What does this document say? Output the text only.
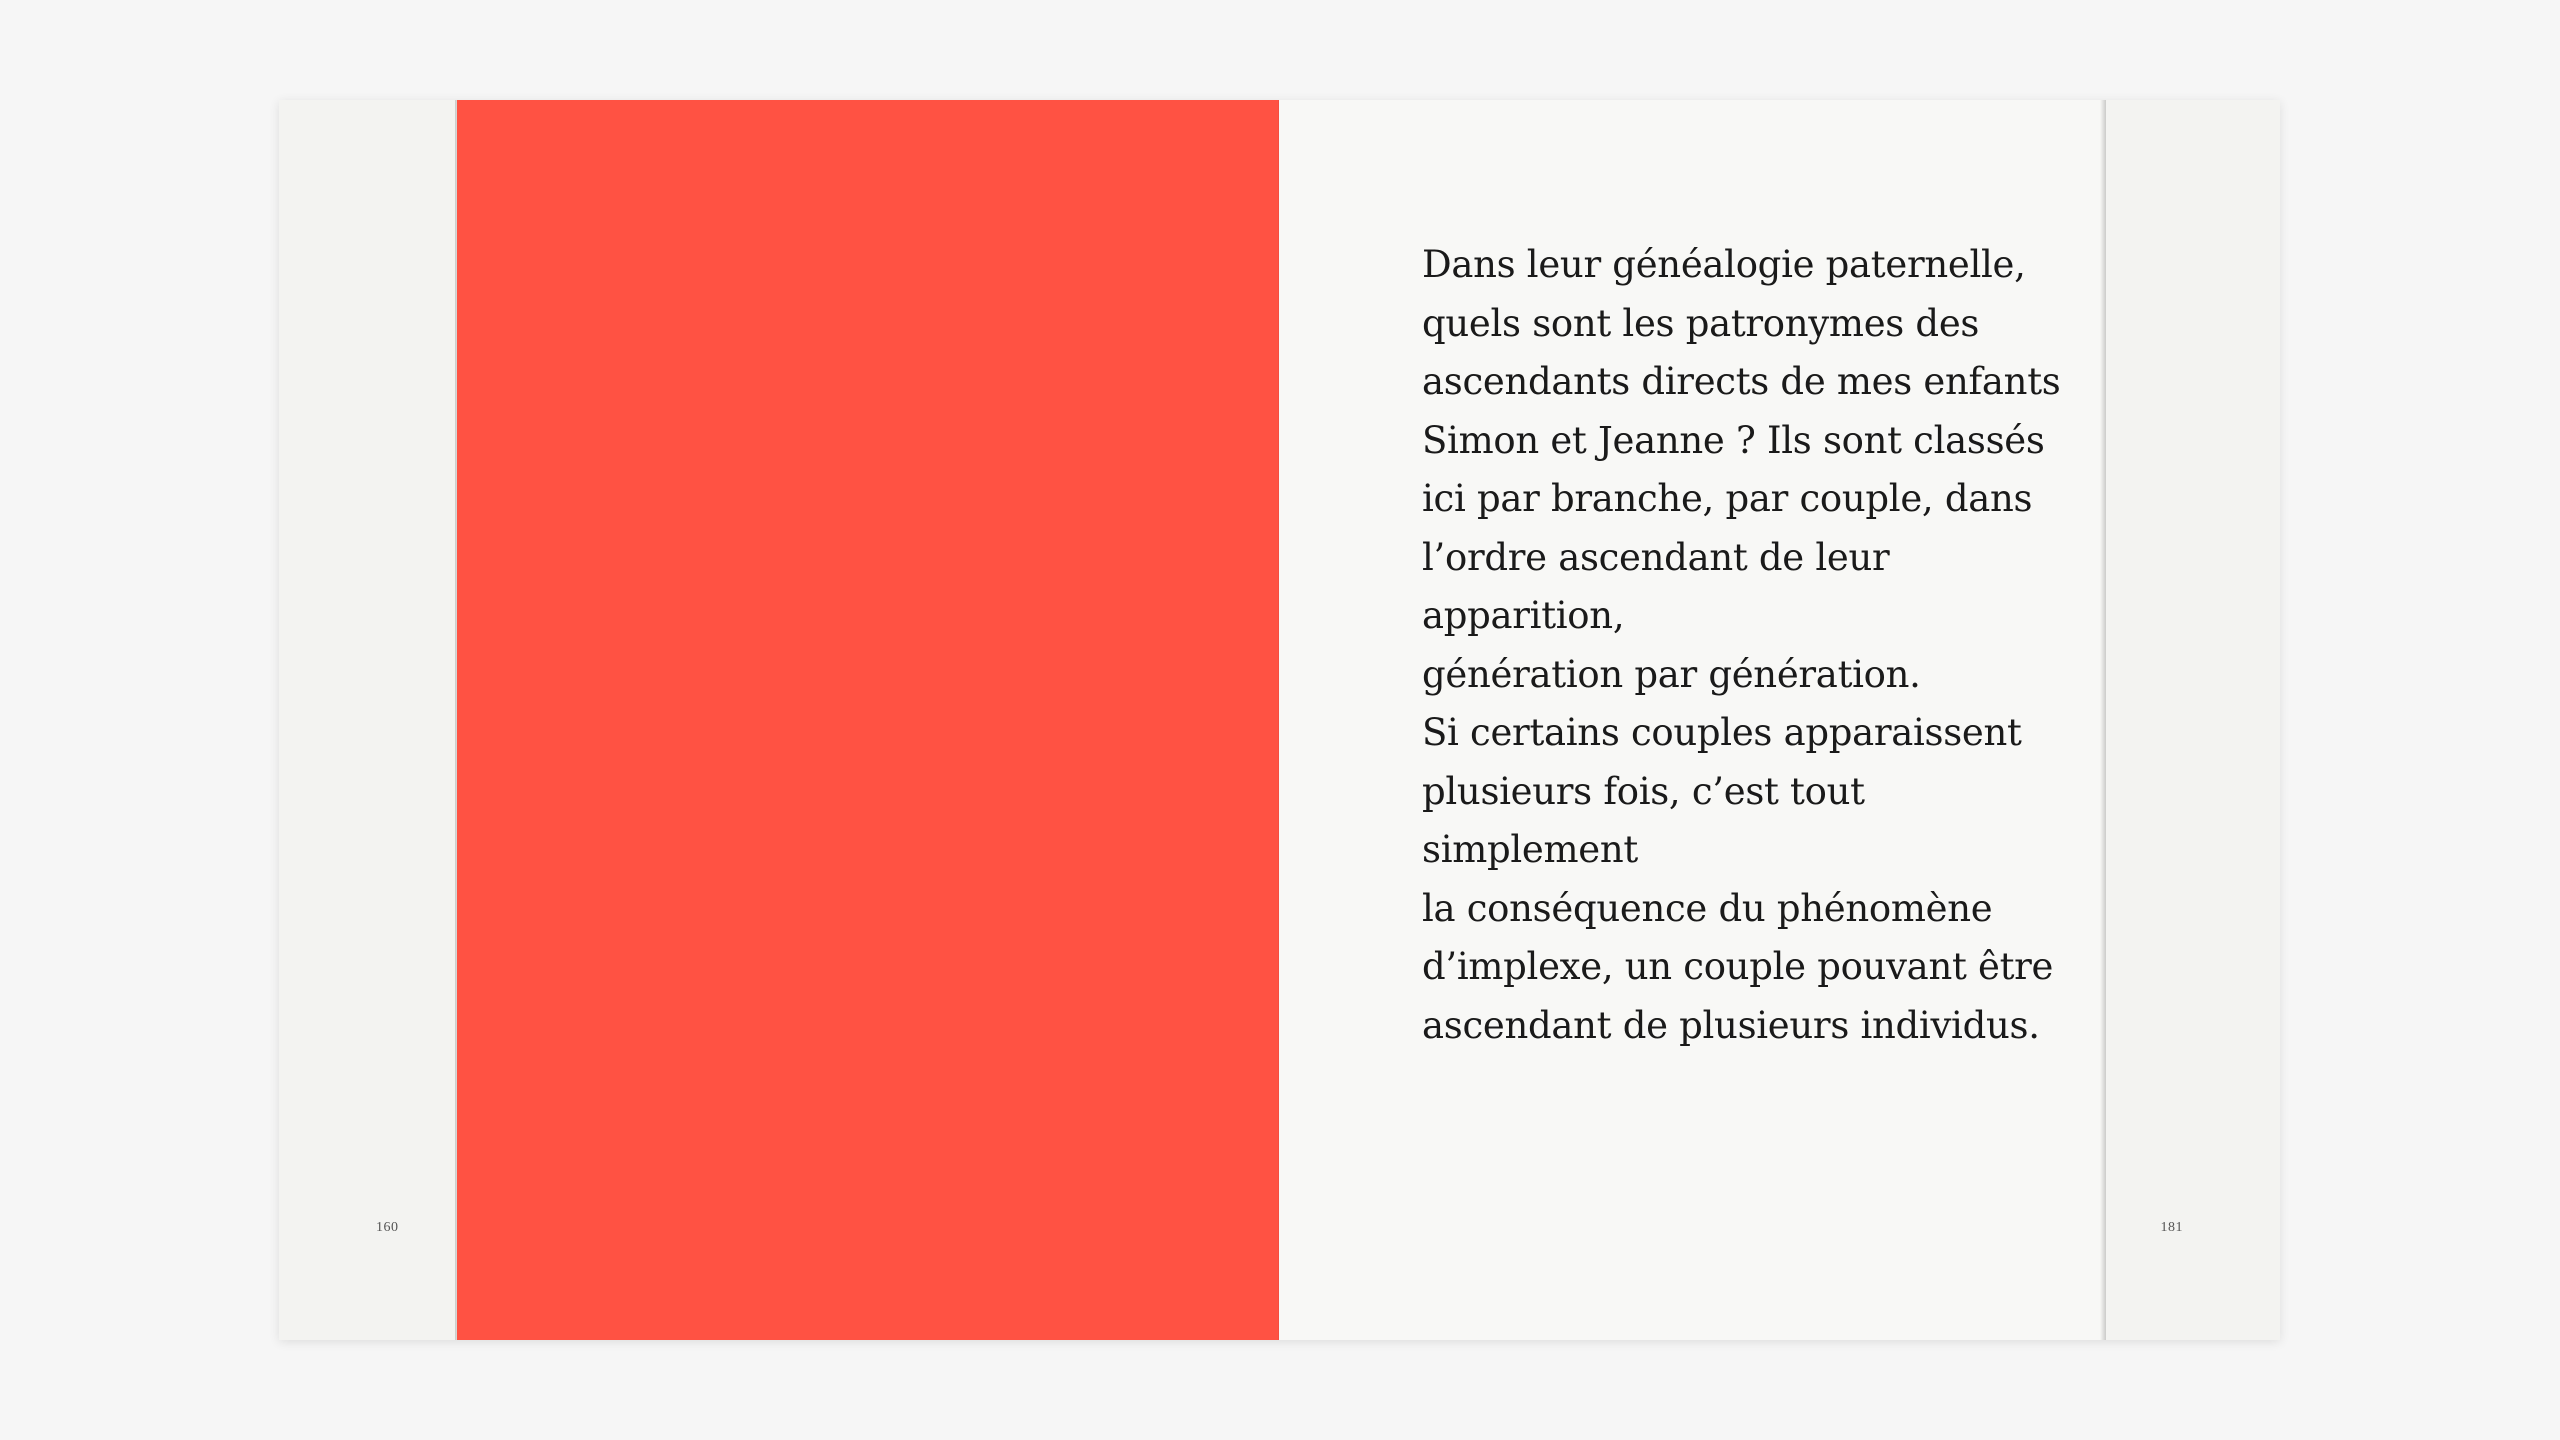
160	181

Dans leur généalogie paternelle,
quels sont les patronymes des
ascendants directs de mes enfants
Simon et Jeanne ? Ils sont classés
ici par branche, par couple, dans
l’ordre ascendant de leur apparition,
génération par génération.

Si certains couples apparaissent
plusieurs fois, c’est tout simplement
la conséquence du phénomène
d’implexe, un couple pouvant être
ascendant de plusieurs individus.
